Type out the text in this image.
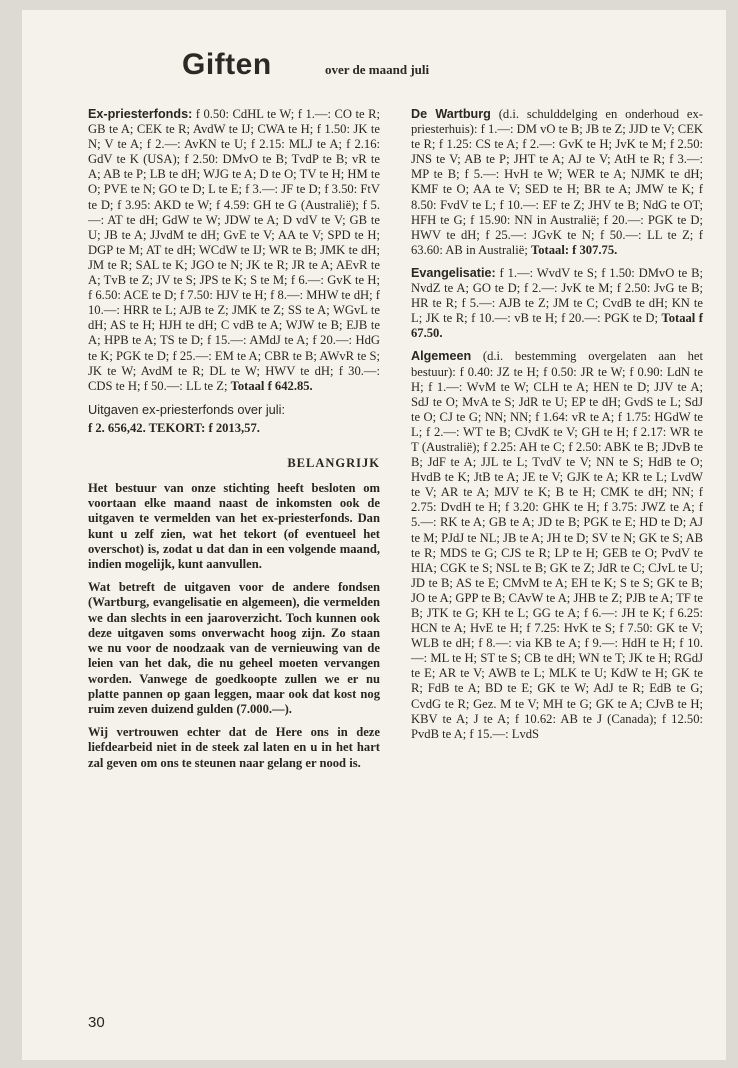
Giften	over de maand juli

Ex-priesterfonds: f 0.50: CdHL te W; f 1.—: CO te R; GB te A; CEK te R; AvdW te IJ; CWA te H; f 1.50: JK te N; V te A; f 2.—: AvKN te U; f 2.15: MLJ te A; f 2.16: GdV te K (USA); f 2.50: DMvO te B; TvdP te B; vR te A; AB te P; LB te dH; WJG te A; D te O; TV te H; HM te O; PVE te N; GO te D; L te E; f 3.—: JF te D; f 3.50: FtV te D; f 3.95: AKD te W; f 4.59: GH te G (Australië); f 5.—: AT te dH; GdW te W; JDW te A; D vdV te V; GB te U; JB te A; JJvdM te dH; GvE te V; AA te V; SPD te H; DGP te M; AT te dH; WCdW te IJ; WR te B; JMK te dH; JM te R; SAL te K; JGO te N; JK te R; JR te A; AEvR te A; TvB te Z; JV te S; JPS te K; S te M; f 6.—: GvK te H; f 6.50: ACE te D; f 7.50: HJV te H; f 8.—: MHW te dH; f 10.—: HRR te L; AJB te Z; JMK te Z; SS te A; WGvL te dH; AS te H; HJH te dH; C vdB te A; WJW te B; EJB te A; HPB te A; TS te D; f 15.—: AMdJ te A; f 20.—: HdG te K; PGK te D; f 25.—: EM te A; CBR te B; AWvR te S; JK te W; AvdM te R; DL te W; HWV te dH; f 30.—: CDS te H; f 50.—: LL te Z; Totaal f 642.85.

Uitgaven ex-priesterfonds over juli:
f 2. 656,42. TEKORT: f 2013,57.
BELANGRIJK

Het bestuur van onze stichting heeft besloten om voortaan elke maand naast de inkomsten ook de uitgaven te vermelden van het ex-priesterfonds. Dan kunt u zelf zien, wat het tekort (of eventueel het overschot) is, zodat u dat dan in een volgende maand, indien mogelijk, kunt aanvullen.

Wat betreft de uitgaven voor de andere fondsen (Wartburg, evangelisatie en algemeen), die vermelden we dan slechts in een jaaroverzicht. Toch kunnen ook deze uitgaven soms onverwacht hoog zijn. Zo staan we nu voor de noodzaak van de vernieuwing van de leien van het dak, die nu geheel moeten vervangen worden. Vanwege de goedkoopte zullen we er nu platte pannen op gaan leggen, maar ook dat kost nog ruim zeven duizend gulden (7.000.—).

Wij vertrouwen echter dat de Here ons in deze liefdearbeid niet in de steek zal laten en u in het hart zal geven om ons te steunen naar gelang er nood is.

De Wartburg (d.i. schulddelging en onderhoud ex-priesterhuis): f 1.—: DM vO te B; JB te Z; JJD te V; CEK te R; f 1.25: CS te A; f 2.—: GvK te H; JvK te M; f 2.50: JNS te V; AB te P; JHT te A; AJ te V; AtH te R; f 3.—: MP te B; f 5.—: HvH te W; WER te A; NJMK te dH; KMF te O; AA te V; SED te H; BR te A; JMW te K; f 8.50: FvdV te L; f 10.—: EF te Z; JHV te B; NdG te OT; HFH te G; f 15.90: NN in Australië; f 20.—: PGK te D; HWV te dH; f 25.—: JGvK te N; f 50.—: LL te Z; f 63.60: AB in Australië; Totaal: f 307.75.

Evangelisatie: f 1.—: WvdV te S; f 1.50: DMvO te B; NvdZ te A; GO te D; f 2.—: JvK te M; f 2.50: JvG te B; HR te R; f 5.—: AJB te Z; JM te C; CvdB te dH; KN te L; JK te R; f 10.—: vB te H; f 20.—: PGK te D; Totaal f 67.50.

Algemeen (d.i. bestemming overgelaten aan het bestuur): f 0.40: JZ te H; f 0.50: JR te W; f 0.90: LdN te H; f 1.—: WvM te W; CLH te A; HEN te D; JJV te A; SdJ te O; MvA te S; JdR te U; EP te dH; GvdS te L; SdJ te O; CJ te G; NN; NN; f 1.64: vR te A; f 1.75: HGdW te L; f 2.—: WT te B; CJvdK te V; GH te H; f 2.17: WR te T (Australië); f 2.25: AH te C; f 2.50: ABK te B; JDvB te B; JdF te A; JJL te L; TvdV te V; NN te S; HdB te O; HvdB te K; JtB te A; JE te V; GJK te A; KR te L; LvdW te V; AR te A; MJV te K; B te H; CMK te dH; NN; f 2.75: DvdH te H; f 3.20: GHK te H; f 3.75: JWZ te A; f 5.—: RK te A; GB te A; JD te B; PGK te E; HD te D; AJ te M; PJdJ te NL; JB te A; JH te D; SV te N; GK te S; AB te R; MDS te G; CJS te R; LP te H; GEB te O; PvdV te HIA; CGK te S; NSL te B; GK te Z; JdR te C; CJvL te U; JD te B; AS te E; CMvM te A; EH te K; S te S; GK te B; JO te A; GPP te B; CAvW te A; JHB te Z; PJB te A; TF te B; JTK te G; KH te L; GG te A; f 6.—: JH te K; f 6.25: HCN te A; HvE te H; f 7.25: HvK te S; f 7.50: GK te V; WLB te dH; f 8.—: via KB te A; f 9.—: HdH te H; f 10.—: ML te H; ST te S; CB te dH; WN te T; JK te H; RGdJ te E; AR te V; AWB te L; MLK te U; KdW te H; GK te R; FdB te A; BD te E; GK te W; AdJ te R; EdB te G; CvdG te R; Gez. M te V; MH te G; GK te A; CJvB te H; KBV te A; J te A; f 10.62: AB te J (Canada); f 12.50: PvdB te A; f 15.—: LvdS

30
